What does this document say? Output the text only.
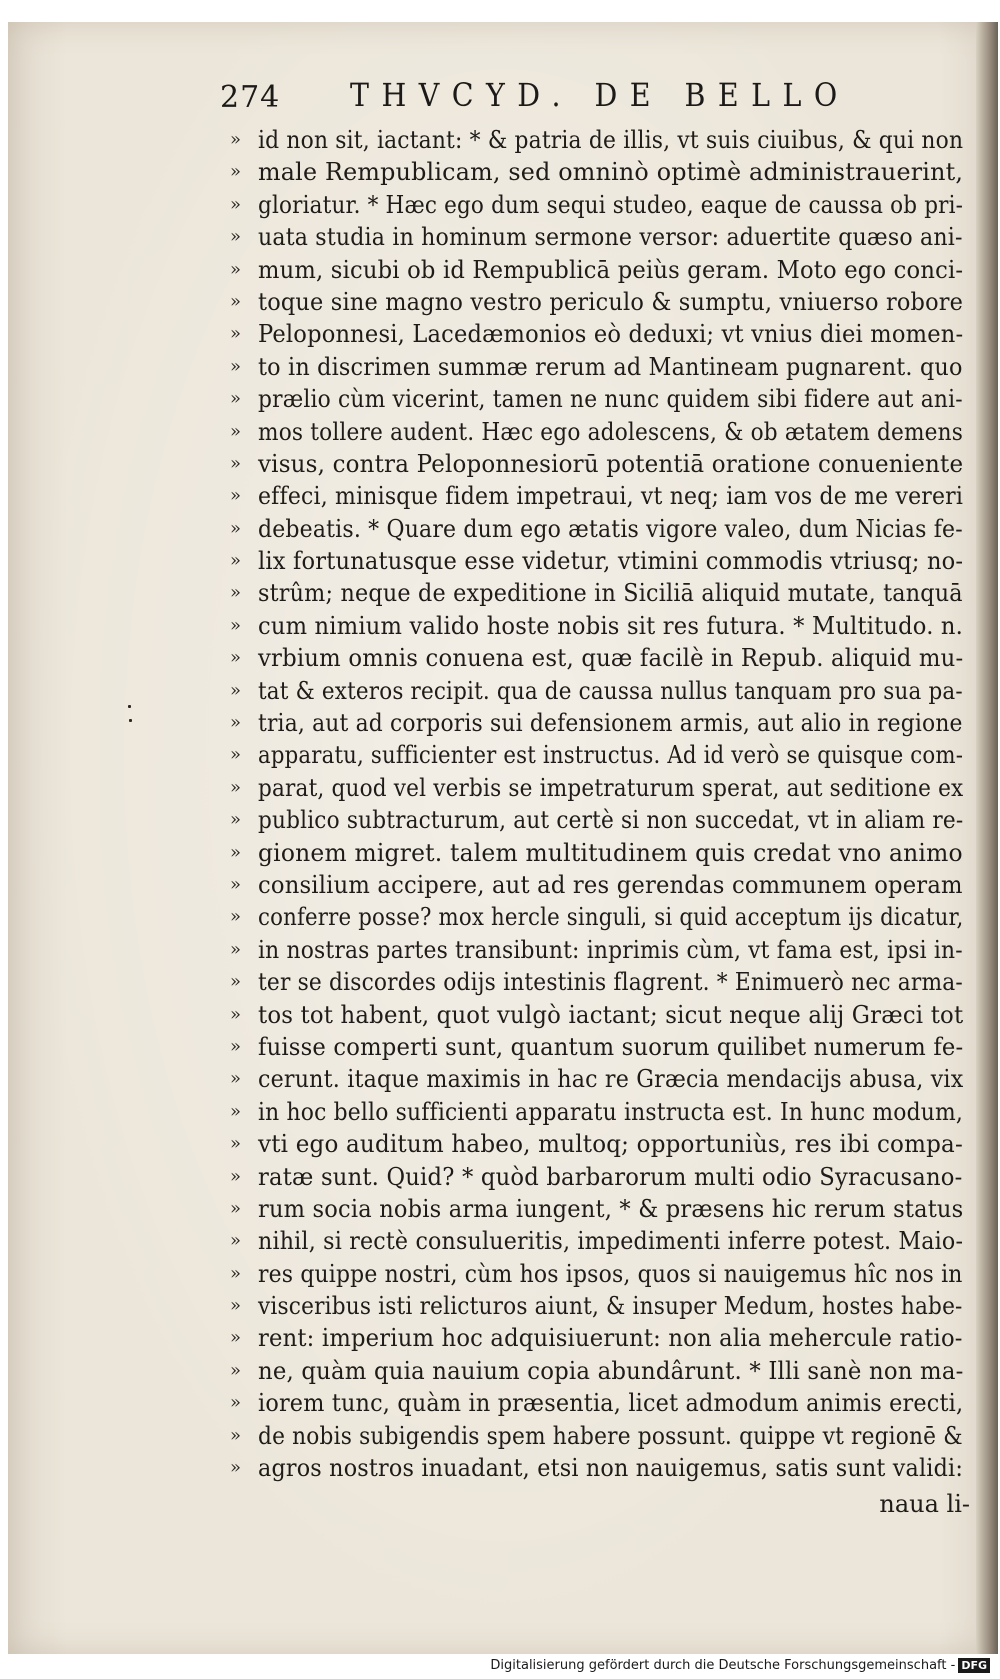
274 THVCYD. DE BELLO
» id non sit, iactant: * & patria de illis, vt suis ciuibus, & qui non
» male Rempublicam, sed omninò optimè administrauerint,
» gloriatur. * Hæc ego dum sequi studeo, eaque de caussa ob pri-
» uata studia in hominum sermone versor: aduertite quæso ani-
» mum, sicubi ob id Rempublicā peiùs geram. Moto ego conci-
» toque sine magno vestro periculo & sumptu, vniuerso robore
» Peloponnesi, Lacedæmonios eò deduxi; vt vnius diei momen-
» to in discrimen summæ rerum ad Mantineam pugnarent. quo
» prælio cùm vicerint, tamen ne nunc quidem sibi fidere aut ani-
» mos tollere audent. Hæc ego adolescens, & ob ætatem demens
» visus, contra Peloponnesiorū potentiā oratione conueniente
» effeci, minisque fidem impetraui, vt neq; iam vos de me vereri
» debeatis. * Quare dum ego ætatis vigore valeo, dum Nicias fe-
» lix fortunatusque esse videtur, vtimini commodis vtriusq; no-
» strûm; neque de expeditione in Siciliā aliquid mutate, tanquā
» cum nimium valido hoste nobis sit res futura. * Multitudo. n.
» vrbium omnis conuena est, quæ facilè in Repub. aliquid mu-
» tat & exteros recipit. qua de caussa nullus tanquam pro sua pa-
» tria, aut ad corporis sui defensionem armis, aut alio in regione
» apparatu, sufficienter est instructus. Ad id verò se quisque com-
» parat, quod vel verbis se impetraturum sperat, aut seditione ex
» publico subtracturum, aut certè si non succedat, vt in aliam re-
» gionem migret. talem multitudinem quis credat vno animo
» consilium accipere, aut ad res gerendas communem operam
» conferre posse? mox hercle singuli, si quid acceptum ijs dicatur,
» in nostras partes transibunt: inprimis cùm, vt fama est, ipsi in-
» ter se discordes odijs intestinis flagrent. * Enimuerò nec arma-
» tos tot habent, quot vulgò iactant; sicut neque alij Græci tot
» fuisse comperti sunt, quantum suorum quilibet numerum fe-
» cerunt. itaque maximis in hac re Græcia mendacijs abusa, vix
» in hoc bello sufficienti apparatu instructa est. In hunc modum,
» vti ego auditum habeo, multoq; opportuniùs, res ibi compa-
» ratæ sunt. Quid? * quòd barbarorum multi odio Syracusano-
» rum socia nobis arma iungent, * & præsens hic rerum status
» nihil, si rectè consulueritis, impedimenti inferre potest. Maio-
» res quippe nostri, cùm hos ipsos, quos si nauigemus hîc nos in
» visceribus isti relicturos aiunt, & insuper Medum, hostes habe-
» rent: imperium hoc adquisiuerunt: non alia mehercule ratio-
» ne, quàm quia nauium copia abundârunt. * Illi sanè non ma-
» iorem tunc, quàm in præsentia, licet admodum animis erecti,
» de nobis subigendis spem habere possunt. quippe vt regionē &
» agros nostros inuadant, etsi non nauigemus, satis sunt validi:
naua li-
Digitalisierung gefördert durch die Deutsche Forschungsgemeinschaft - DFG
